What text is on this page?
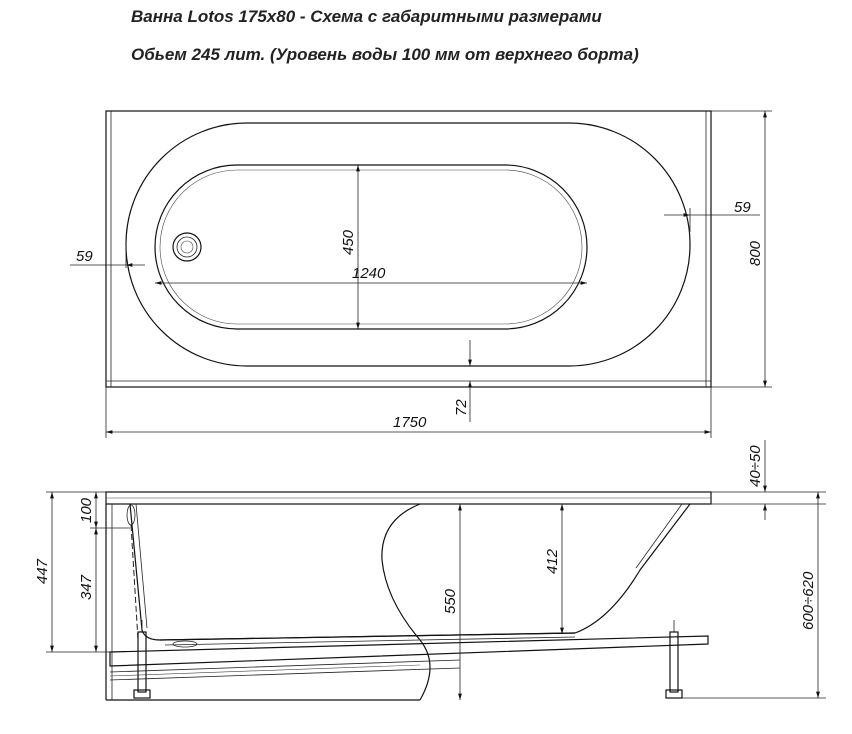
Ванна Lotos 175x80 - Схема с габаритными размерами
Обьем 245 лит. (Уровень воды 100 мм от верхнего борта)
1240
450
59
59
72
1750
800
550
412
447
100
347
40÷50
600÷620
